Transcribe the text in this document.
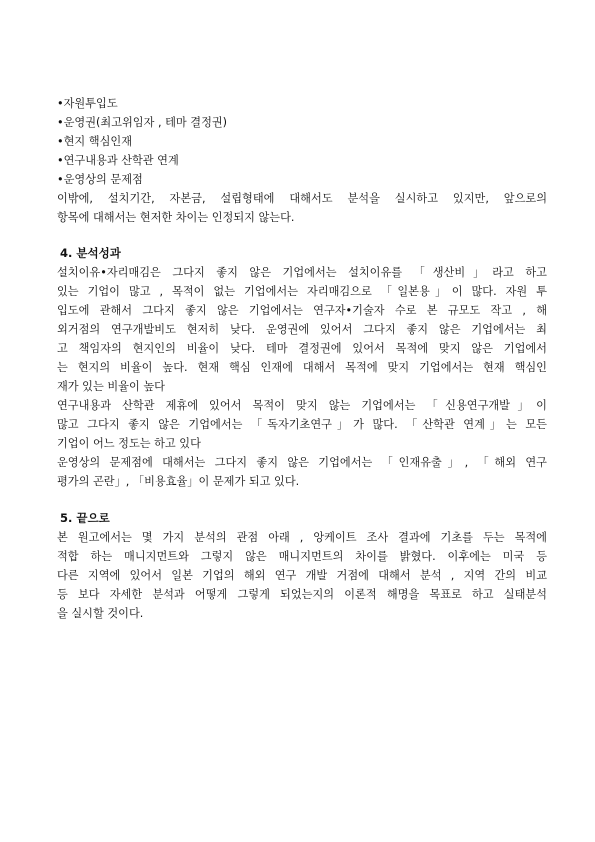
•자원투입도
•운영권(최고위임자 , 테마 결정권)
•현지 핵심인재
•연구내용과 산학관 연계
•운영상의 문제점
이밖에, 설치기간, 자본금, 설립형태에 대해서도 분석을 실시하고 있지만, 앞으로의
항목에 대해서는 현저한 차이는 인정되지 않는다.
4. 분석성과
설치이유•자리매김은 그다지 좋지 않은 기업에서는 설치이유를 「생산비」라고 하고
있는 기업이 많고 , 목적이 없는 기업에서는 자리매김으로 「일본용」이 많다. 자원 투
입도에 관해서 그다지 좋지 않은 기업에서는 연구자•기술자 수로 본 규모도 작고 , 해
외거점의 연구개발비도 현저히 낮다. 운영권에 있어서 그다지 좋지 않은 기업에서는 최
고 책임자의 현지인의 비율이 낮다. 테마 결정권에 있어서 목적에 맞지 않은 기업에서
는 현지의 비율이 높다. 현재 핵심 인재에 대해서 목적에 맞지 기업에서는 현재 핵심인
재가 있는 비율이 높다
연구내용과 산학관 제휴에 있어서 목적이 맞지 않는 기업에서는 「신용연구개발」이
많고 그다지 좋지 않은 기업에서는 「독자기초연구」가 많다. 「산학관 연계」는 모든
기업이 어느 정도는 하고 있다
운영상의 문제점에 대해서는 그다지 좋지 않은 기업에서는 「인재유출」, 「해외 연구
평가의 곤란」, 「비용효율」이 문제가 되고 있다.
5. 끝으로
본 원고에서는 몇 가지 분석의 관점 아래 , 앙케이트 조사 결과에 기초를 두는 목적에
적합 하는 매니지먼트와 그렇지 않은 매니지먼트의 차이를 밝혔다. 이후에는 미국 등
다른 지역에 있어서 일본 기업의 해외 연구 개발 거점에 대해서 분석 , 지역 간의 비교
등 보다 자세한 분석과 어떻게 그렇게 되었는지의 이론적 해명을 목표로 하고 실태분석
을 실시할 것이다.
